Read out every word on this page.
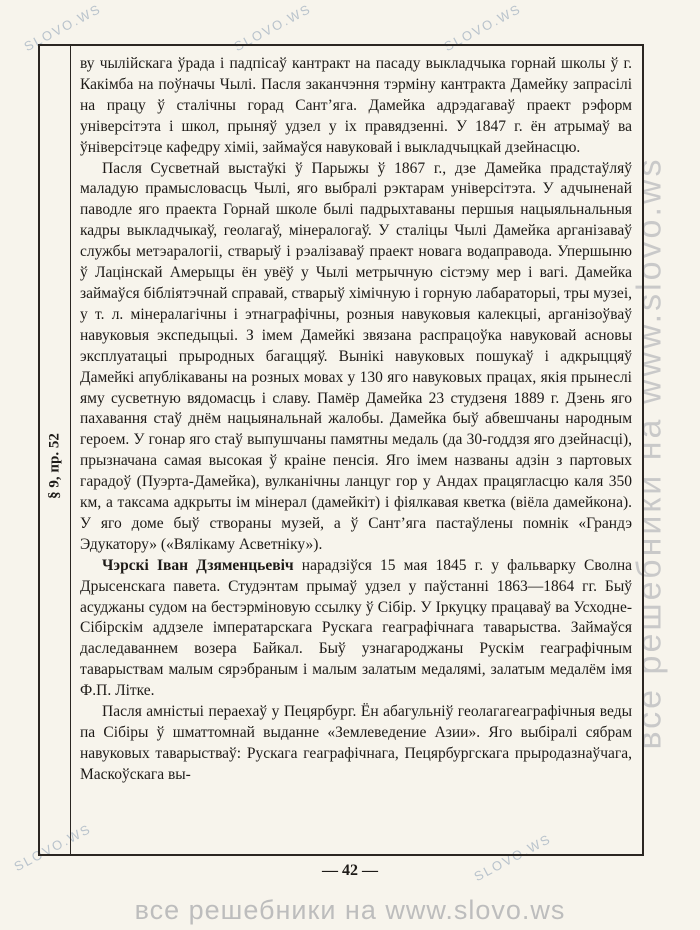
SLOVO.WS	SLOVO.WS	SLOVO.WS
SLOVO.WS	SLOVO.WS
все решебники на www.slovo.ws
§ 9, пр. 52

ву чылійскага ўрада і падпісаў кантракт на пасаду выкладчыка горнай школы ў г. Какімба на поўначы Чылі. Пасля заканчэння тэрміну кантракта Дамейку запрасілі на працу ў сталічны горад Сант’яга. Дамейка адрэдагаваў праект рэформ універсітэта і школ, прыняў удзел у іх правядзенні. У 1847 г. ён атрымаў ва ўніверсітэце кафедру хіміі, займаўся навуковай і выкладчыцкай дзейнасцю.

Пасля Сусветнай выстаўкі ў Парыжы ў 1867 г., дзе Дамейка прадстаўляў маладую прамысловасць Чылі, яго выбралі рэктарам універсітэта. У адчыненай паводле яго праекта Горнай школе былі падрыхтаваны першыя нацыяльнальныя кадры выкладчыкаў, геолагаў, мінералогаў. У сталіцы Чылі Дамейка арганізаваў службы метэаралогіі, стварыў і рэалізаваў праект новага водаправода. Упершыню ў Лацінскай Амерыцы ён увёў у Чылі метрычную сістэму мер і вагі. Дамейка займаўся бібліятэчнай справай, стварыў хімічную і горную лабараторыі, тры музеі, у т. л. мінералагічны і этнаграфічны, розныя навуковыя калекцыі, арганізоўваў навуковыя экспедыцыі. З імем Дамейкі звязана распрацоўка навуковай асновы эксплуатацыі прыродных багаццяў. Вынікі навуковых пошукаў і адкрыццяў Дамейкі апублікаваны на розных мовах у 130 яго навуковых працах, якія прынеслі яму сусветную вядомасць і славу. Памёр Дамейка 23 студзеня 1889 г. Дзень яго пахавання стаў днём нацыянальнай жалобы. Дамейка быў абвешчаны народным героем. У гонар яго стаў выпушчаны памятны медаль (да 30-годдзя яго дзейнасці), прызначана самая высокая ў краіне пенсія. Яго імем названы адзін з партовых гарадоў (Пуэрта-Дамейка), вулканічны ланцуг гор у Андах працягласцю каля 350 км, а таксама адкрыты ім мінерал (дамейкіт) і фіялкавая кветка (віёла дамейкона). У яго доме быў створаны музей, а ў Сант’яга пастаўлены помнік «Грандэ Эдукатору» («Вялікаму Асветніку»).

Чэрскі Іван Дзяменцьевіч нарадзіўся 15 мая 1845 г. у фальварку Сволна Дрысенскага павета. Студэнтам прымаў удзел у паўстанні 1863—1864 гг. Быў асуджаны судом на бестэрміновую ссылку ў Сібір. У Іркуцку працаваў ва Усходне-Сібірскім аддзеле імператарскага Рускага геаграфічнага таварыства. Займаўся даследаваннем возера Байкал. Быў узнагароджаны Рускім геаграфічным таварыствам малым сярэбраным і малым залатым медалямі, залатым медалём імя Ф.П. Літке.

Пасля амністыі пераехаў у Пецярбург. Ён абагульніў геолагагеаграфічныя веды па Сібіры ў шматтомнай выданне «Землеведение Азии». Яго выбіралі сябрам навуковых таварыстваў: Рускага геаграфічнага, Пецярбургскага прыродазнаўчага, Маскоўскага вы-

— 42 —
все решебники на www.slovo.ws
